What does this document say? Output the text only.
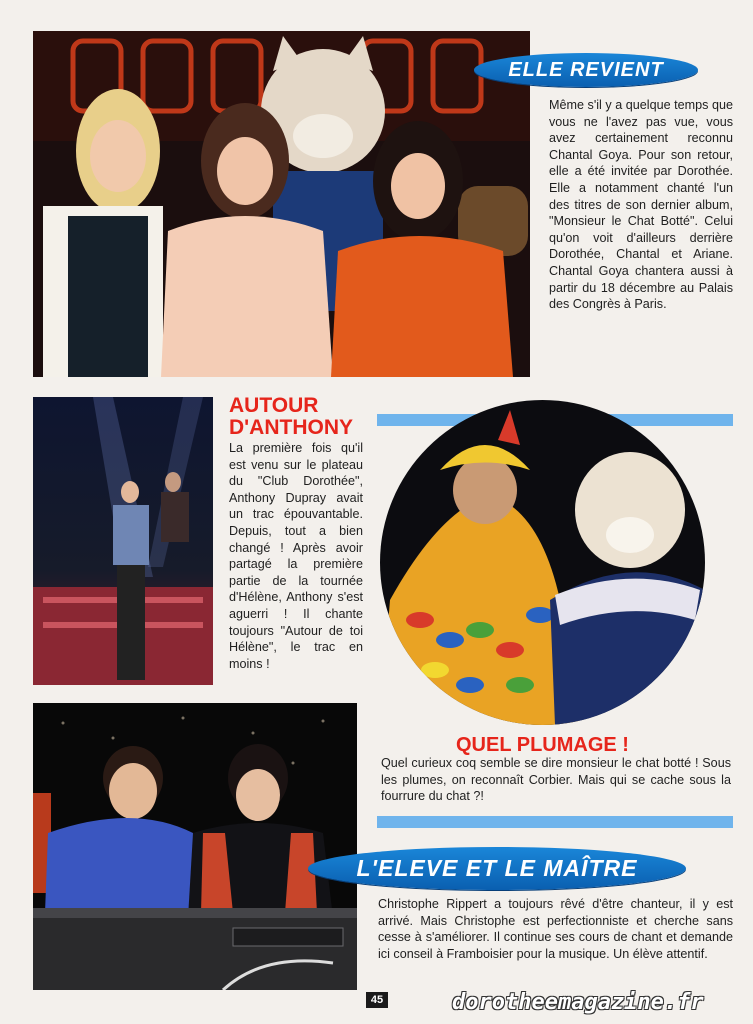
ELLE REVIENT
Même s'il y a quelque temps que vous ne l'avez pas vue, vous avez certainement reconnu Chantal Goya. Pour son retour, elle a été invitée par Dorothée. Elle a notamment chanté l'un des titres de son dernier album, "Monsieur le Chat Botté". Celui qu'on voit d'ailleurs derrière Dorothée, Chantal et Ariane. Chantal Goya chantera aussi à partir du 18 décembre au Palais des Congrès à Paris.
AUTOUR
D'ANTHONY
La première fois qu'il est venu sur le plateau du "Club Dorothée", Anthony Dupray avait un trac épouvantable. Depuis, tout a bien changé ! Après avoir partagé la première partie de la tournée d'Hélène, Anthony s'est aguerri ! Il chante toujours "Autour de toi Hélène", le trac en moins !
QUEL PLUMAGE !
Quel curieux coq semble se dire monsieur le chat botté ! Sous les plumes, on reconnaît Corbier. Mais qui se cache sous la fourrure du chat ?!
L'ELEVE ET LE MAÎTRE
Christophe Rippert a toujours rêvé d'être chanteur, il y est arrivé. Mais Christophe est perfectionniste et cherche sans cesse à s'améliorer. Il continue ses cours de chant et demande ici conseil à Framboisier pour la musique. Un élève attentif.
45	dorotheemagazine.fr
